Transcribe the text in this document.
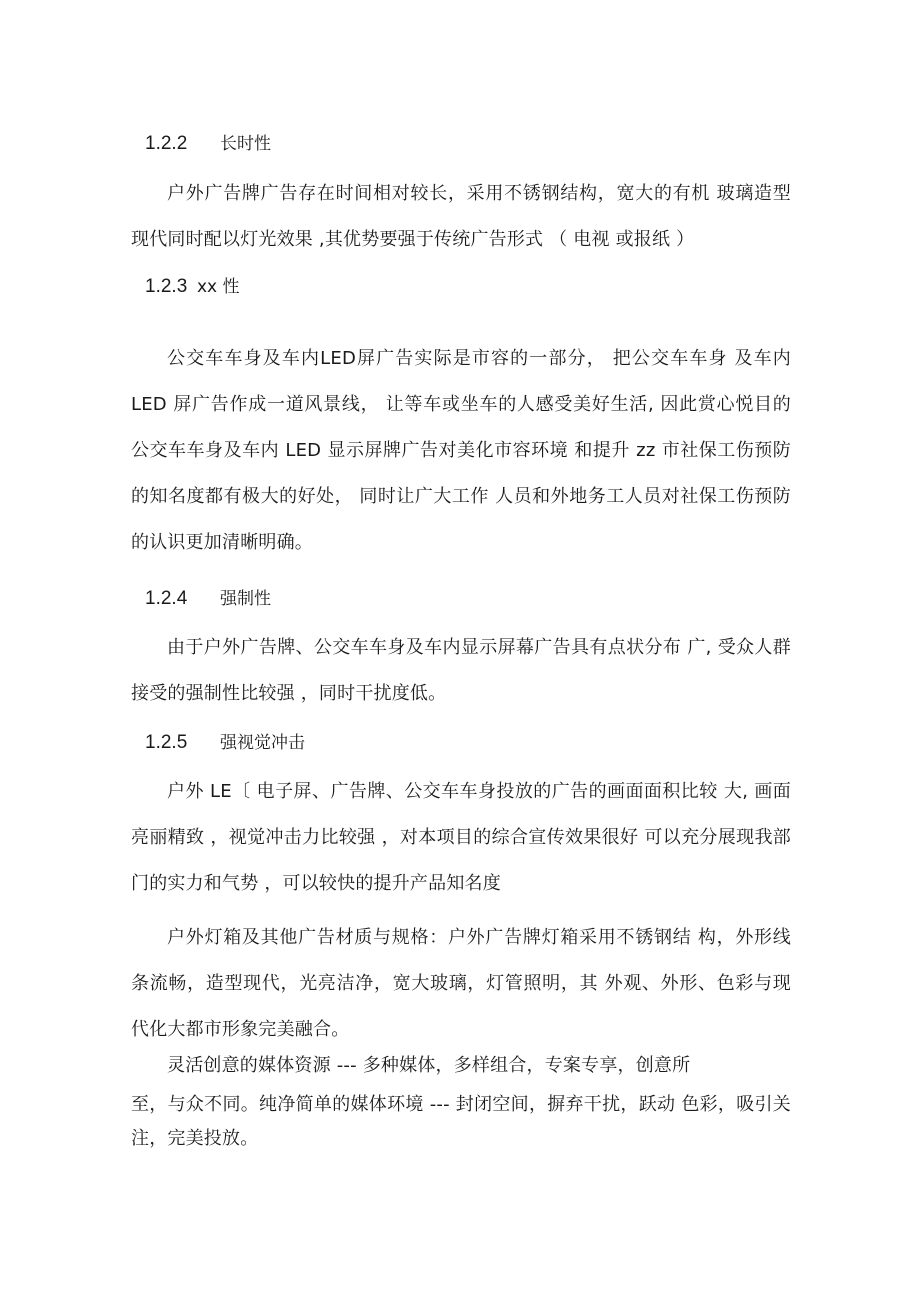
1.2.2 长时性

户外广告牌广告存在时间相对较长，采用不锈钢结构，宽大的有机 玻璃造型现代同时配以灯光效果 ,其优势要强于传统广告形式 （ 电视 或报纸 ）

1.2.3 xx 性

公交车车身及车内LED屏广告实际是市容的一部分， 把公交车车身 及车内 LED 屏广告作成一道风景线， 让等车或坐车的人感受美好生活, 因此赏心悦目的公交车车身及车内 LED 显示屏牌广告对美化市容环境 和提升 zz 市社保工伤预防的知名度都有极大的好处， 同时让广大工作 人员和外地务工人员对社保工伤预防的认识更加清晰明确。

1.2.4 强制性

由于户外广告牌、公交车车身及车内显示屏幕广告具有点状分布 广, 受众人群接受的强制性比较强 ，同时干扰度低。

1.2.5 强视觉冲击

户外 LE〔 电子屏、广告牌、公交车车身投放的广告的画面面积比较 大, 画面亮丽精致 ，视觉冲击力比较强 ，对本项目的综合宣传效果很好 可以充分展现我部门的实力和气势 ，可以较快的提升产品知名度

户外灯箱及其他广告材质与规格：户外广告牌灯箱采用不锈钢结 构，外形线条流畅，造型现代，光亮洁净，宽大玻璃，灯管照明，其 外观、外形、色彩与现代化大都市形象完美融合。

灵活创意的媒体资源 --- 多种媒体，多样组合，专案专享，创意所

至，与众不同。纯净简单的媒体环境 --- 封闭空间，摒弃干扰，跃动 色彩，吸引关注，完美投放。
